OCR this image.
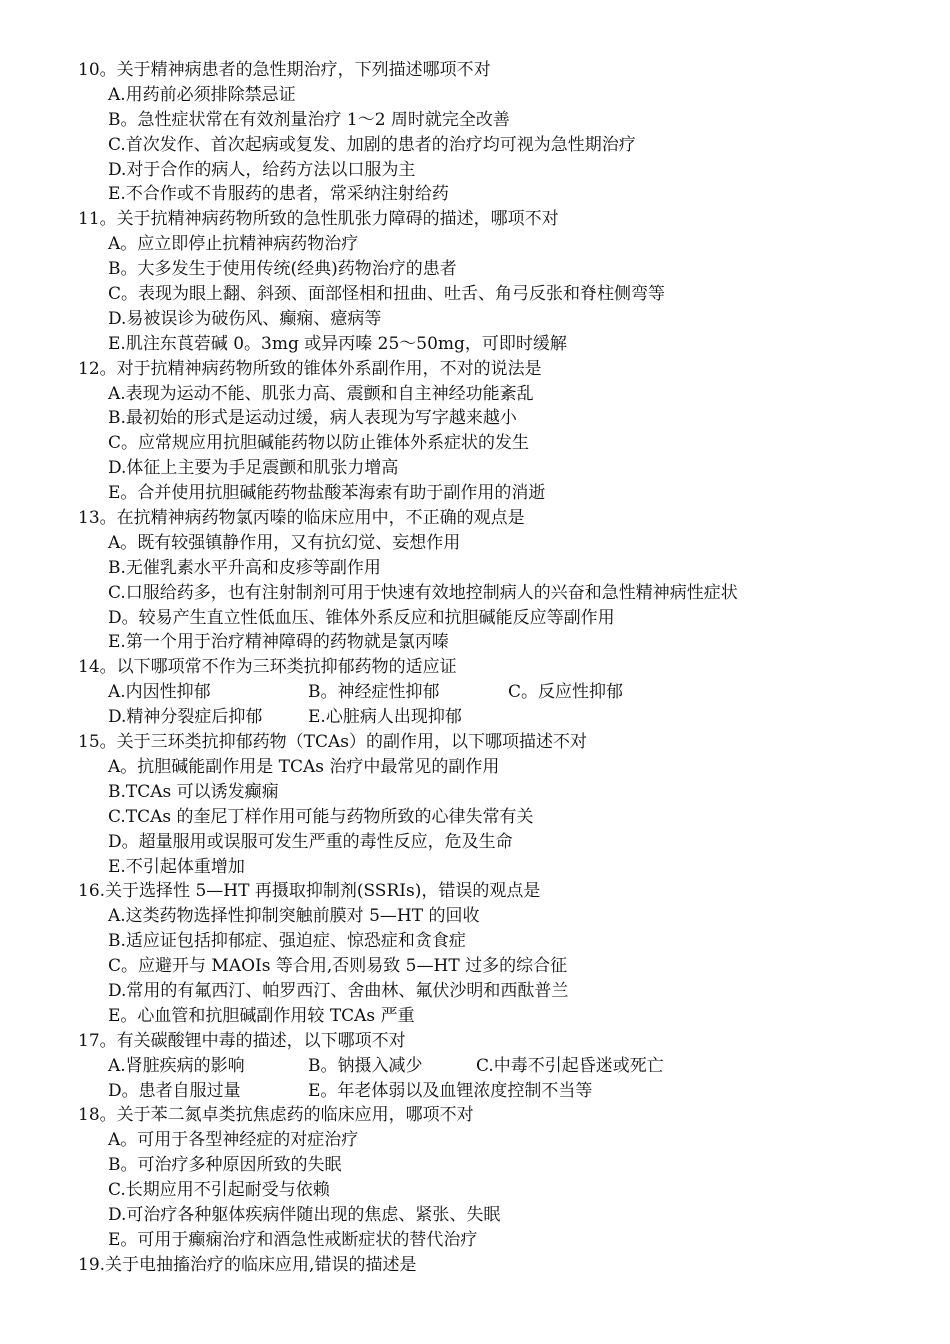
10。关于精神病患者的急性期治疗，下列描述哪项不对
A.用药前必须排除禁忌证
B。急性症状常在有效剂量治疗 1～2 周时就完全改善
C.首次发作、首次起病或复发、加剧的患者的治疗均可视为急性期治疗
D.对于合作的病人，给药方法以口服为主
E.不合作或不肯服药的患者，常采纳注射给药
11。关于抗精神病药物所致的急性肌张力障碍的描述，哪项不对
A。应立即停止抗精神病药物治疗
B。大多发生于使用传统(经典)药物治疗的患者
C。表现为眼上翻、斜颈、面部怪相和扭曲、吐舌、角弓反张和脊柱侧弯等
D.易被误诊为破伤风、癫痫、癔病等
E.肌注东莨菪碱 0。3mg 或异丙嗪 25～50mg，可即时缓解
12。对于抗精神病药物所致的锥体外系副作用，不对的说法是
A.表现为运动不能、肌张力高、震颤和自主神经功能紊乱
B.最初始的形式是运动过缓，病人表现为写字越来越小
C。应常规应用抗胆碱能药物以防止锥体外系症状的发生
D.体征上主要为手足震颤和肌张力增高
E。合并使用抗胆碱能药物盐酸苯海索有助于副作用的消逝
13。在抗精神病药物氯丙嗪的临床应用中，不正确的观点是
A。既有较强镇静作用，又有抗幻觉、妄想作用
B.无催乳素水平升高和皮疹等副作用
C.口服给药多，也有注射制剂可用于快速有效地控制病人的兴奋和急性精神病性症状
D。较易产生直立性低血压、锥体外系反应和抗胆碱能反应等副作用
E.第一个用于治疗精神障碍的药物就是氯丙嗪
14。以下哪项常不作为三环类抗抑郁药物的适应证
A.内因性抑郁	B。神经症性抑郁	C。反应性抑郁
D.精神分裂症后抑郁	E.心脏病人出现抑郁
15。关于三环类抗抑郁药物（TCAs）的副作用，以下哪项描述不对
A。抗胆碱能副作用是 TCAs 治疗中最常见的副作用
B.TCAs 可以诱发癫痫
C.TCAs 的奎尼丁样作用可能与药物所致的心律失常有关
D。超量服用或误服可发生严重的毒性反应，危及生命
E.不引起体重增加
16.关于选择性 5—HT 再摄取抑制剂(SSRIs)，错误的观点是
A.这类药物选择性抑制突触前膜对 5—HT 的回收
B.适应证包括抑郁症、强迫症、惊恐症和贪食症
C。应避开与 MAOIs 等合用,否则易致 5—HT 过多的综合征
D.常用的有氟西汀、帕罗西汀、舍曲林、氟伏沙明和西酞普兰
E。心血管和抗胆碱副作用较 TCAs 严重
17。有关碳酸锂中毒的描述，以下哪项不对
A.肾脏疾病的影响	B。钠摄入减少	C.中毒不引起昏迷或死亡
D。患者自服过量	E。年老体弱以及血锂浓度控制不当等
18。关于苯二氮卓类抗焦虑药的临床应用，哪项不对
A。可用于各型神经症的对症治疗
B。可治疗多种原因所致的失眠
C.长期应用不引起耐受与依赖
D.可治疗各种躯体疾病伴随出现的焦虑、紧张、失眠
E。可用于癫痫治疗和酒急性戒断症状的替代治疗
19.关于电抽搐治疗的临床应用,错误的描述是
